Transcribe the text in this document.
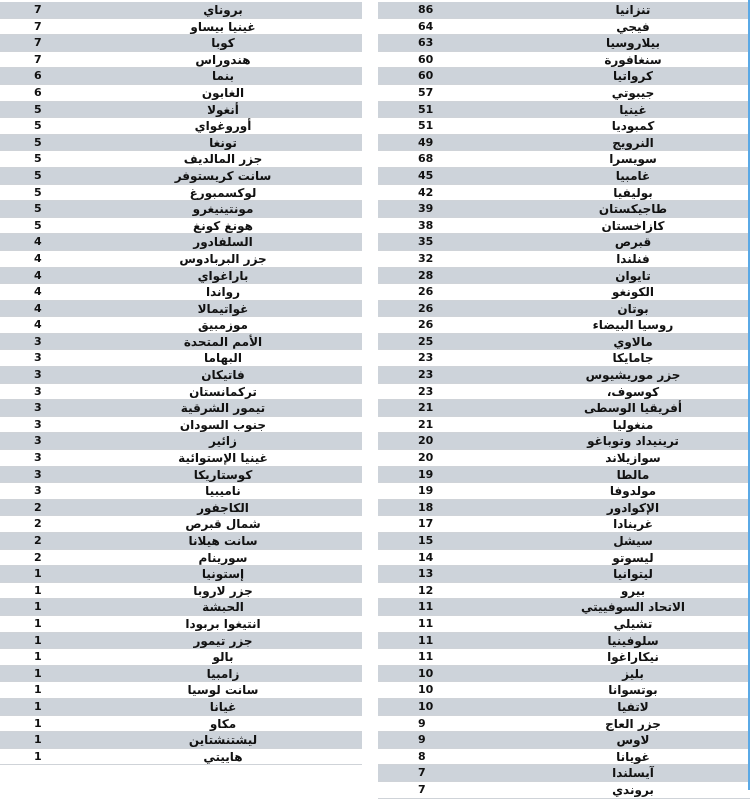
بروناي
7
غينيا بيساو
7
كوبا
7
هندوراس
7
بنما
6
الغابون
6
أنغولا
5
أوروغواي
5
تونغا
5
جزر المالديف
5
سانت كريستوفر
5
لوكسمبورغ
5
مونتينيغرو
5
هونغ كونغ
5
السلفادور
4
جزر البربادوس
4
باراغواي
4
رواندا
4
غواتيمالا
4
موزمبيق
4
الأمم المتحدة
3
البهاما
3
فاتيكان
3
تركمانستان
3
تيمور الشرقية
3
جنوب السودان
3
زائير
3
غينيا الإستوائية
3
كوستاريكا
3
ناميبيا
3
الكاجفور
2
شمال قبرص
2
سانت هيلانا
2
سورينام
2
إستونيا
1
جزر لاروبا
1
الحبشة
1
انتيغوا بربودا
1
جزر تيمور
1
بالو
1
زامبيا
1
سانت لوسيا
1
غيانا
1
مكاو
1
ليشتنشتاين
1
هاييتي
1
تنزانيا
86
فيجي
64
بيلاروسيا
63
سنغافورة
60
كرواتيا
60
جيبوتي
57
غينيا
51
كمبوديا
51
النرويج
49
سويسرا
68
غامبيا
45
بوليفيا
42
طاجيكستان
39
كازاخستان
38
قبرص
35
فنلندا
32
تايوان
28
الكونغو
26
بوتان
26
روسيا البيضاء
26
مالاوي
25
جامايكا
23
جزر موريشيوس
23
كوسوف،
23
أفريقيا الوسطى
21
منغوليا
21
ترينيداد وتوباغو
20
سوازيلاند
20
مالطا
19
مولدوفا
19
الإكوادور
18
غرينادا
17
سيشل
15
ليسوتو
14
ليتوانيا
13
بيرو
12
الاتحاد السوفييتي
11
تشيلي
11
سلوفينيا
11
نيكاراغوا
11
بليز
10
بوتسوانا
10
لاتفيا
10
جزر العاج
9
لاوس
9
غويانا
8
آيسلندا
7
بروندي
7
